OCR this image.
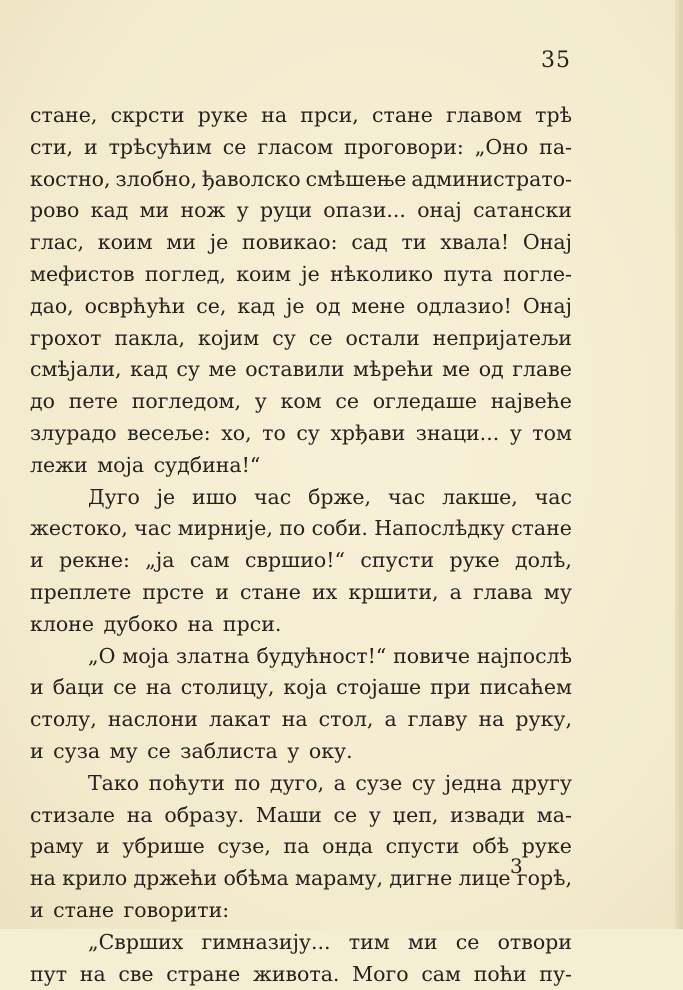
35
стане, скрсти руке на прси, стане главом трѣ
сти, и трѣсућим се гласом проговори: „Оно па-
костно, злобно, ђаволско смѣшење администрато-
рово кад ми нож у руци опази... онај сатански
глас, коим ми је повикао: сад ти хвала! Онај
мефистов поглед, коим је нѣколико пута погле-
дао, осврћући се, кад је од мене одлазио! Онај
грохот пакла, којим су се остали непријатељи
смѣјали, кад су ме оставили мѣрећи ме од главе
до пете погледом, у ком се огледаше највеће
злурадо весеље: хо, то су хрђави знаци... у том
лежи моја судбина!“
Дуго је ишо час брже, час лакше, час
жестоко, час мирније, по соби. Напослѣдку стане
и рекне: „ја сам свршио!“ спусти руке долѣ,
преплете прсте и стане их кршити, а глава му
клоне дубоко на прси.
„О моја златна будућност!“ повиче најпослѣ
и баци се на столицу, која стојаше при писаћем
столу, наслони лакат на стол, а главу на руку,
и суза му се заблиста у оку.
Тако поћути по дуго, а сузе су једна другу
стизале на образу. Маши се у џеп, извади ма-
раму и убрише сузе, па онда спусти обѣ руке
на крило држећи обѣма мараму, дигне лице горѣ,
и стане говорити:
„Сврших гимназију... тим ми се отвори
пут на све стране живота. Мого сам поћи пу-
3
